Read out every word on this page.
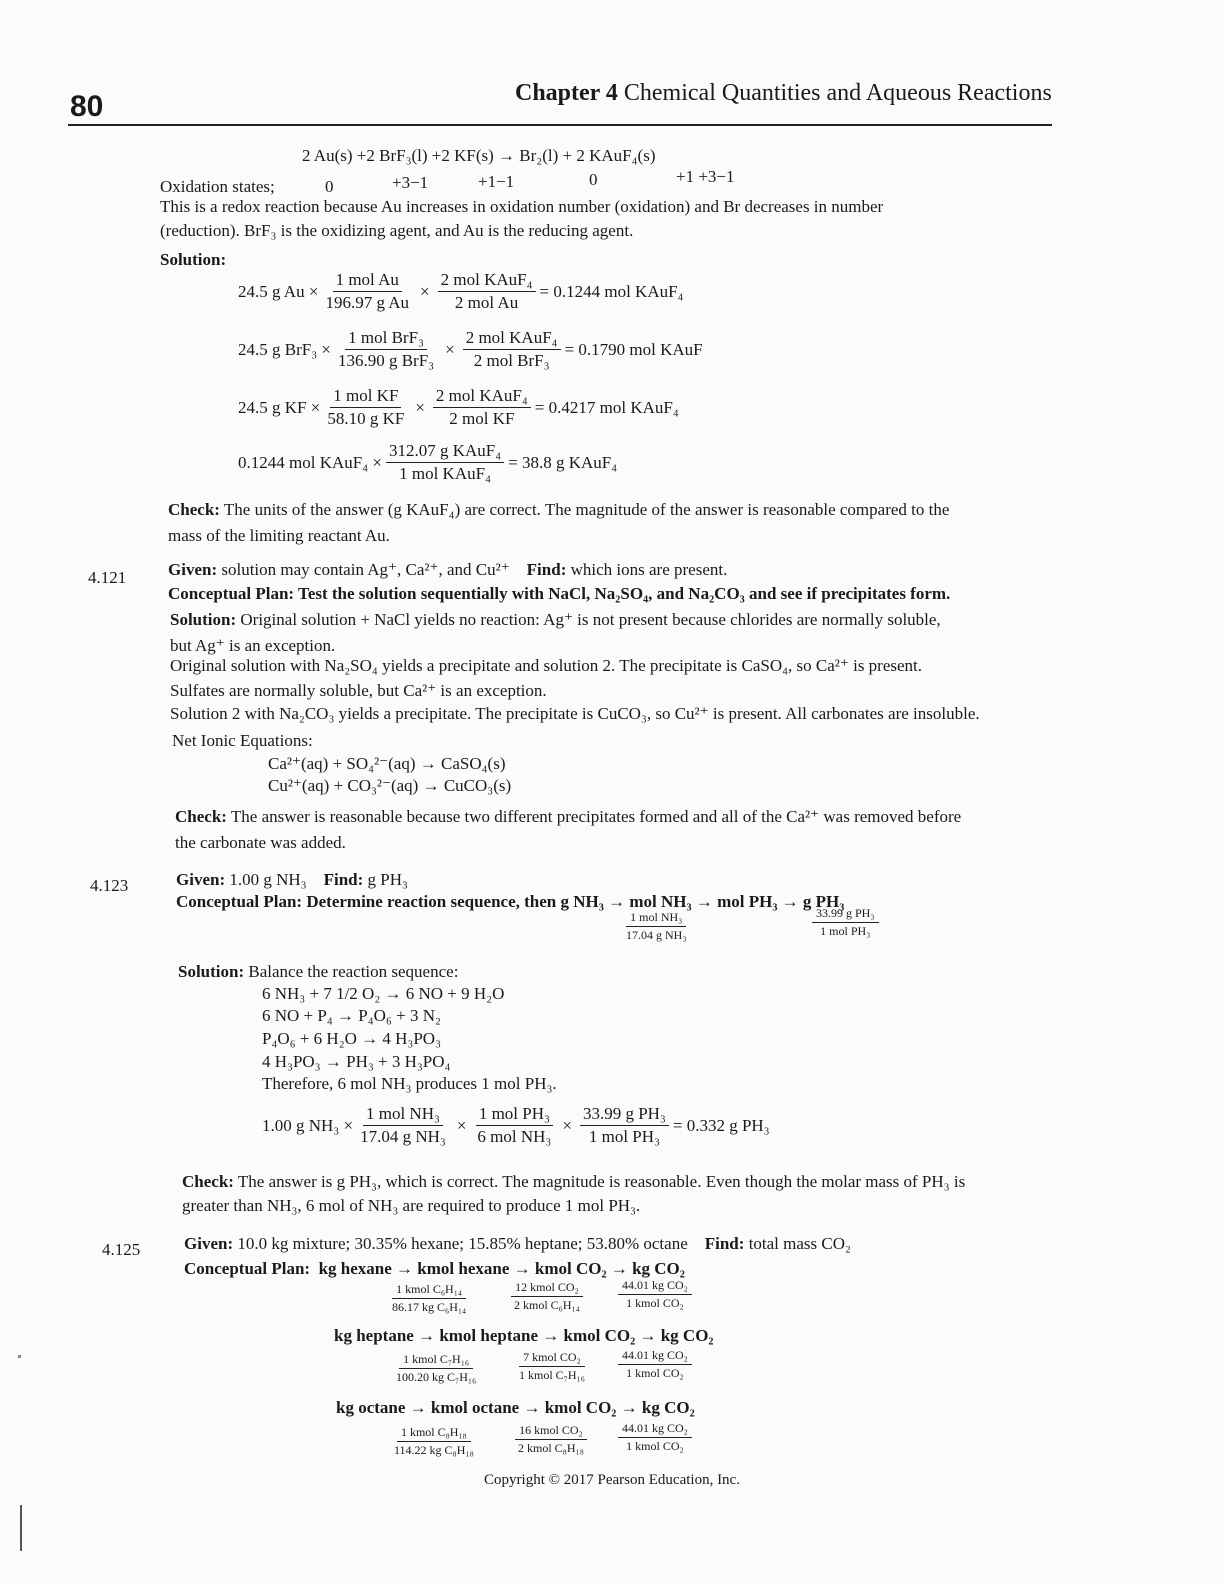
80	Chapter 4 Chemical Quantities and Aqueous Reactions
2 Au(s) +2 BrF₃(l) +2 KF(s) → Br₂(l) + 2 KAuF₄(s)
Oxidation states;	0	+3−1	+1−1	0	+1 +3−1
This is a redox reaction because Au increases in oxidation number (oxidation) and Br decreases in number
(reduction). BrF₃ is the oxidizing agent, and Au is the reducing agent.
Solution:
24.5 g $Au \times \frac{\text{1 mol Au}}{\text{196.97 g Au}} \times \frac{\text{2 mol KAuF₄}}{\text{2 mol Au}} = 0.1244$ mol KAuF₄
24.5 g $BrF_3 \times \frac{\text{1 mol BrF₃}}{\text{136.90 g BrF₃}} \times \frac{\text{2 mol KAuF₄}}{\text{2 mol BrF₃}} = 0.1790$ mol KAuF
24.5 g KF × $\frac{\text{1 mol KF}}{\text{58.10 g KF}} \times \frac{\text{2 mol KAuF₄}}{\text{2 mol KF}} = 0.4217$ mol KAuF₄
0.1244 mol KAuF₄ × $\frac{\text{312.07 g KAuF₄}}{\text{1 mol KAuF₄}} = 38.8$ g KAuF₄
Check: The units of the answer (g KAuF₄) are correct. The magnitude of the answer is reasonable compared to the
mass of the limiting reactant Au.
4.121 Given: solution may contain Ag⁺, Ca²⁺, and Cu²⁺ Find: which ions are present.
Conceptual Plan: Test the solution sequentially with NaCl, Na₂SO₄, and Na₂CO₃ and see if precipitates form.
Solution: Original solution + NaCl yields no reaction: Ag⁺ is not present because chlorides are normally soluble,
but Ag⁺ is an exception.
Original solution with Na₂SO₄ yields a precipitate and solution 2. The precipitate is CaSO₄, so Ca²⁺ is present.
Sulfates are normally soluble, but Ca²⁺ is an exception.
Solution 2 with Na₂CO₃ yields a precipitate. The precipitate is CuCO₃, so Cu²⁺ is present. All carbonates are insoluble.
Net Ionic Equations:
Ca²⁺(aq) + SO₄²⁻(aq) → CaSO₄(s)
Cu²⁺(aq) + CO₃²⁻(aq) → CuCO₃(s)
Check: The answer is reasonable because two different precipitates formed and all of the Ca²⁺ was removed before
the carbonate was added.
4.123	Given: 1.00 g NH₃ Find: g PH₃
Conceptual Plan: Determine reaction sequence, then g NH₃ → mol NH₃ → mol PH₃ → g PH₃
1 mol NH₃
17.04 g NH₃
33.99 g PH₃
1 mol PH₃
Solution: Balance the reaction sequence:
6 NH₃ + 7 1/2 O₂ → 6 NO + 9 H₂O
6 NO + P₄ → P₄O₆ + 3 N₂
P₄O₆ + 6 H₂O → 4 H₃PO₃
4 H₃PO₃ → PH₃ + 3 H₃PO₄
Therefore, 6 mol NH₃ produces 1 mol PH₃.
1.00 g $NH_3 \times \frac{\text{1 mol NH₃}}{\text{17.04 g NH₃}} \times \frac{\text{1 mol PH₃}}{\text{6 mol NH₃}} \times \frac{\text{33.99 g PH₃}}{\text{1 mol PH₃}} = 0.332$ g PH₃
Check: The answer is g PH₃, which is correct. The magnitude is reasonable. Even though the molar mass of PH₃ is
greater than NH₃, 6 mol of NH₃ are required to produce 1 mol PH₃.
4.125	Given: 10.0 kg mixture; 30.35% hexane; 15.85% heptane; 53.80% octane Find: total mass CO₂
Conceptual Plan: kg hexane → kmol hexane → kmol CO₂ → kg CO₂
1 kmol C₆H₁₄
86.17 kg C₆H₁₄
12 kmol CO₂
2 kmol C₆H₁₄
44.01 kg CO₂
1 kmol CO₂
kg heptane → kmol heptane → kmol CO₂ → kg CO₂
1 kmol C₇H₁₆
100.20 kg C₇H₁₆
7 kmol CO₂
1 kmol C₇H₁₆
44.01 kg CO₂
1 kmol CO₂
kg octane → kmol octane → kmol CO₂ → kg CO₂
1 kmol C₈H₁₈
114.22 kg C₈H₁₈
16 kmol CO₂
2 kmol C₈H₁₈
44.01 kg CO₂
1 kmol CO₂
Copyright © 2017 Pearson Education, Inc.
